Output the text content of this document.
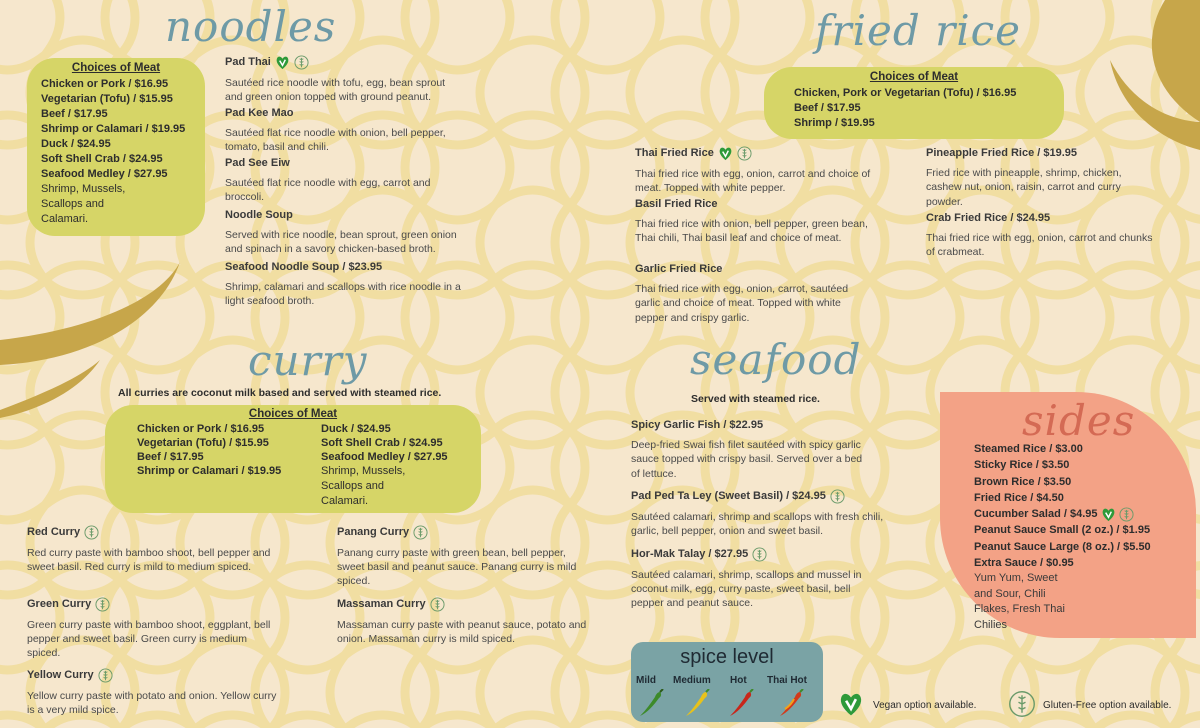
noodles
Choices of Meat
Chicken or Pork / $16.95
Vegetarian (Tofu) / $15.95
Beef / $17.95
Shrimp or Calamari / $19.95
Duck / $24.95
Soft Shell Crab / $24.95
Seafood Medley / $27.95
Shrimp, Mussels,
Scallops and
Calamari.
Pad Thai
Sautéed rice noodle with tofu, egg, bean sprout and green onion topped with ground peanut.
Pad Kee Mao
Sautéed flat rice noodle with onion, bell pepper, tomato, basil and chili.
Pad See Eiw
Sautéed flat rice noodle with egg, carrot and broccoli.
Noodle Soup
Served with rice noodle, bean sprout, green onion and spinach in a savory chicken-based broth.
Seafood Noodle Soup / $23.95
Shrimp, calamari and scallops with rice noodle in a light seafood broth.
fried rice
Choices of Meat
Chicken, Pork or Vegetarian (Tofu) / $16.95
Beef / $17.95
Shrimp / $19.95
Thai Fried Rice
Thai fried rice with egg, onion, carrot and choice of meat. Topped with white pepper.
Basil Fried Rice
Thai fried rice with onion, bell pepper, green bean, Thai chili, Thai basil leaf and choice of meat.
Garlic Fried Rice
Thai fried rice with egg, onion, carrot, sautéed garlic and choice of meat. Topped with white pepper and crispy garlic.
Pineapple Fried Rice / $19.95
Fried rice with pineapple, shrimp, chicken, cashew nut, onion, raisin, carrot and curry powder.
Crab Fried Rice / $24.95
Thai fried rice with egg, onion, carrot and chunks of crabmeat.
curry
All curries are coconut milk based and served with steamed rice.
Choices of Meat
Chicken or Pork / $16.95
Vegetarian (Tofu) / $15.95
Beef / $17.95
Shrimp or Calamari / $19.95
Duck / $24.95
Soft Shell Crab / $24.95
Seafood Medley / $27.95
Shrimp, Mussels,
Scallops and
Calamari.
Red Curry
Red curry paste with bamboo shoot, bell pepper and sweet basil. Red curry is mild to medium spiced.
Green Curry
Green curry paste with bamboo shoot, eggplant, bell pepper and sweet basil. Green curry is medium spiced.
Yellow Curry
Yellow curry paste with potato and onion. Yellow curry is a very mild spice.
Panang Curry
Panang curry paste with green bean, bell pepper, sweet basil and peanut sauce. Panang curry is mild spiced.
Massaman Curry
Massaman curry paste with peanut sauce, potato and onion. Massaman curry is mild spiced.
seafood
Served with steamed rice.
Spicy Garlic Fish / $22.95
Deep-fried Swai fish filet sautéed with spicy garlic sauce topped with crispy basil. Served over a bed of lettuce.
Pad Ped Ta Ley (Sweet Basil) / $24.95
Sautéed calamari, shrimp and scallops with fresh chili, garlic, bell pepper, onion and sweet basil.
Hor-Mak Talay / $27.95
Sautéed calamari, shrimp, scallops and mussel in coconut milk, egg, curry paste, sweet basil, bell pepper and peanut sauce.
sides
Steamed Rice / $3.00
Sticky Rice / $3.50
Brown Rice / $3.50
Fried Rice / $4.50
Cucumber Salad / $4.95
Peanut Sauce Small (2 oz.) / $1.95
Peanut Sauce Large (8 oz.) / $5.50
Extra Sauce / $0.95
Yum Yum, Sweet
and Sour, Chili
Flakes, Fresh Thai
Chilies
spice level
Mild Medium Hot Thai Hot
Vegan option available.	Gluten-Free option available.
